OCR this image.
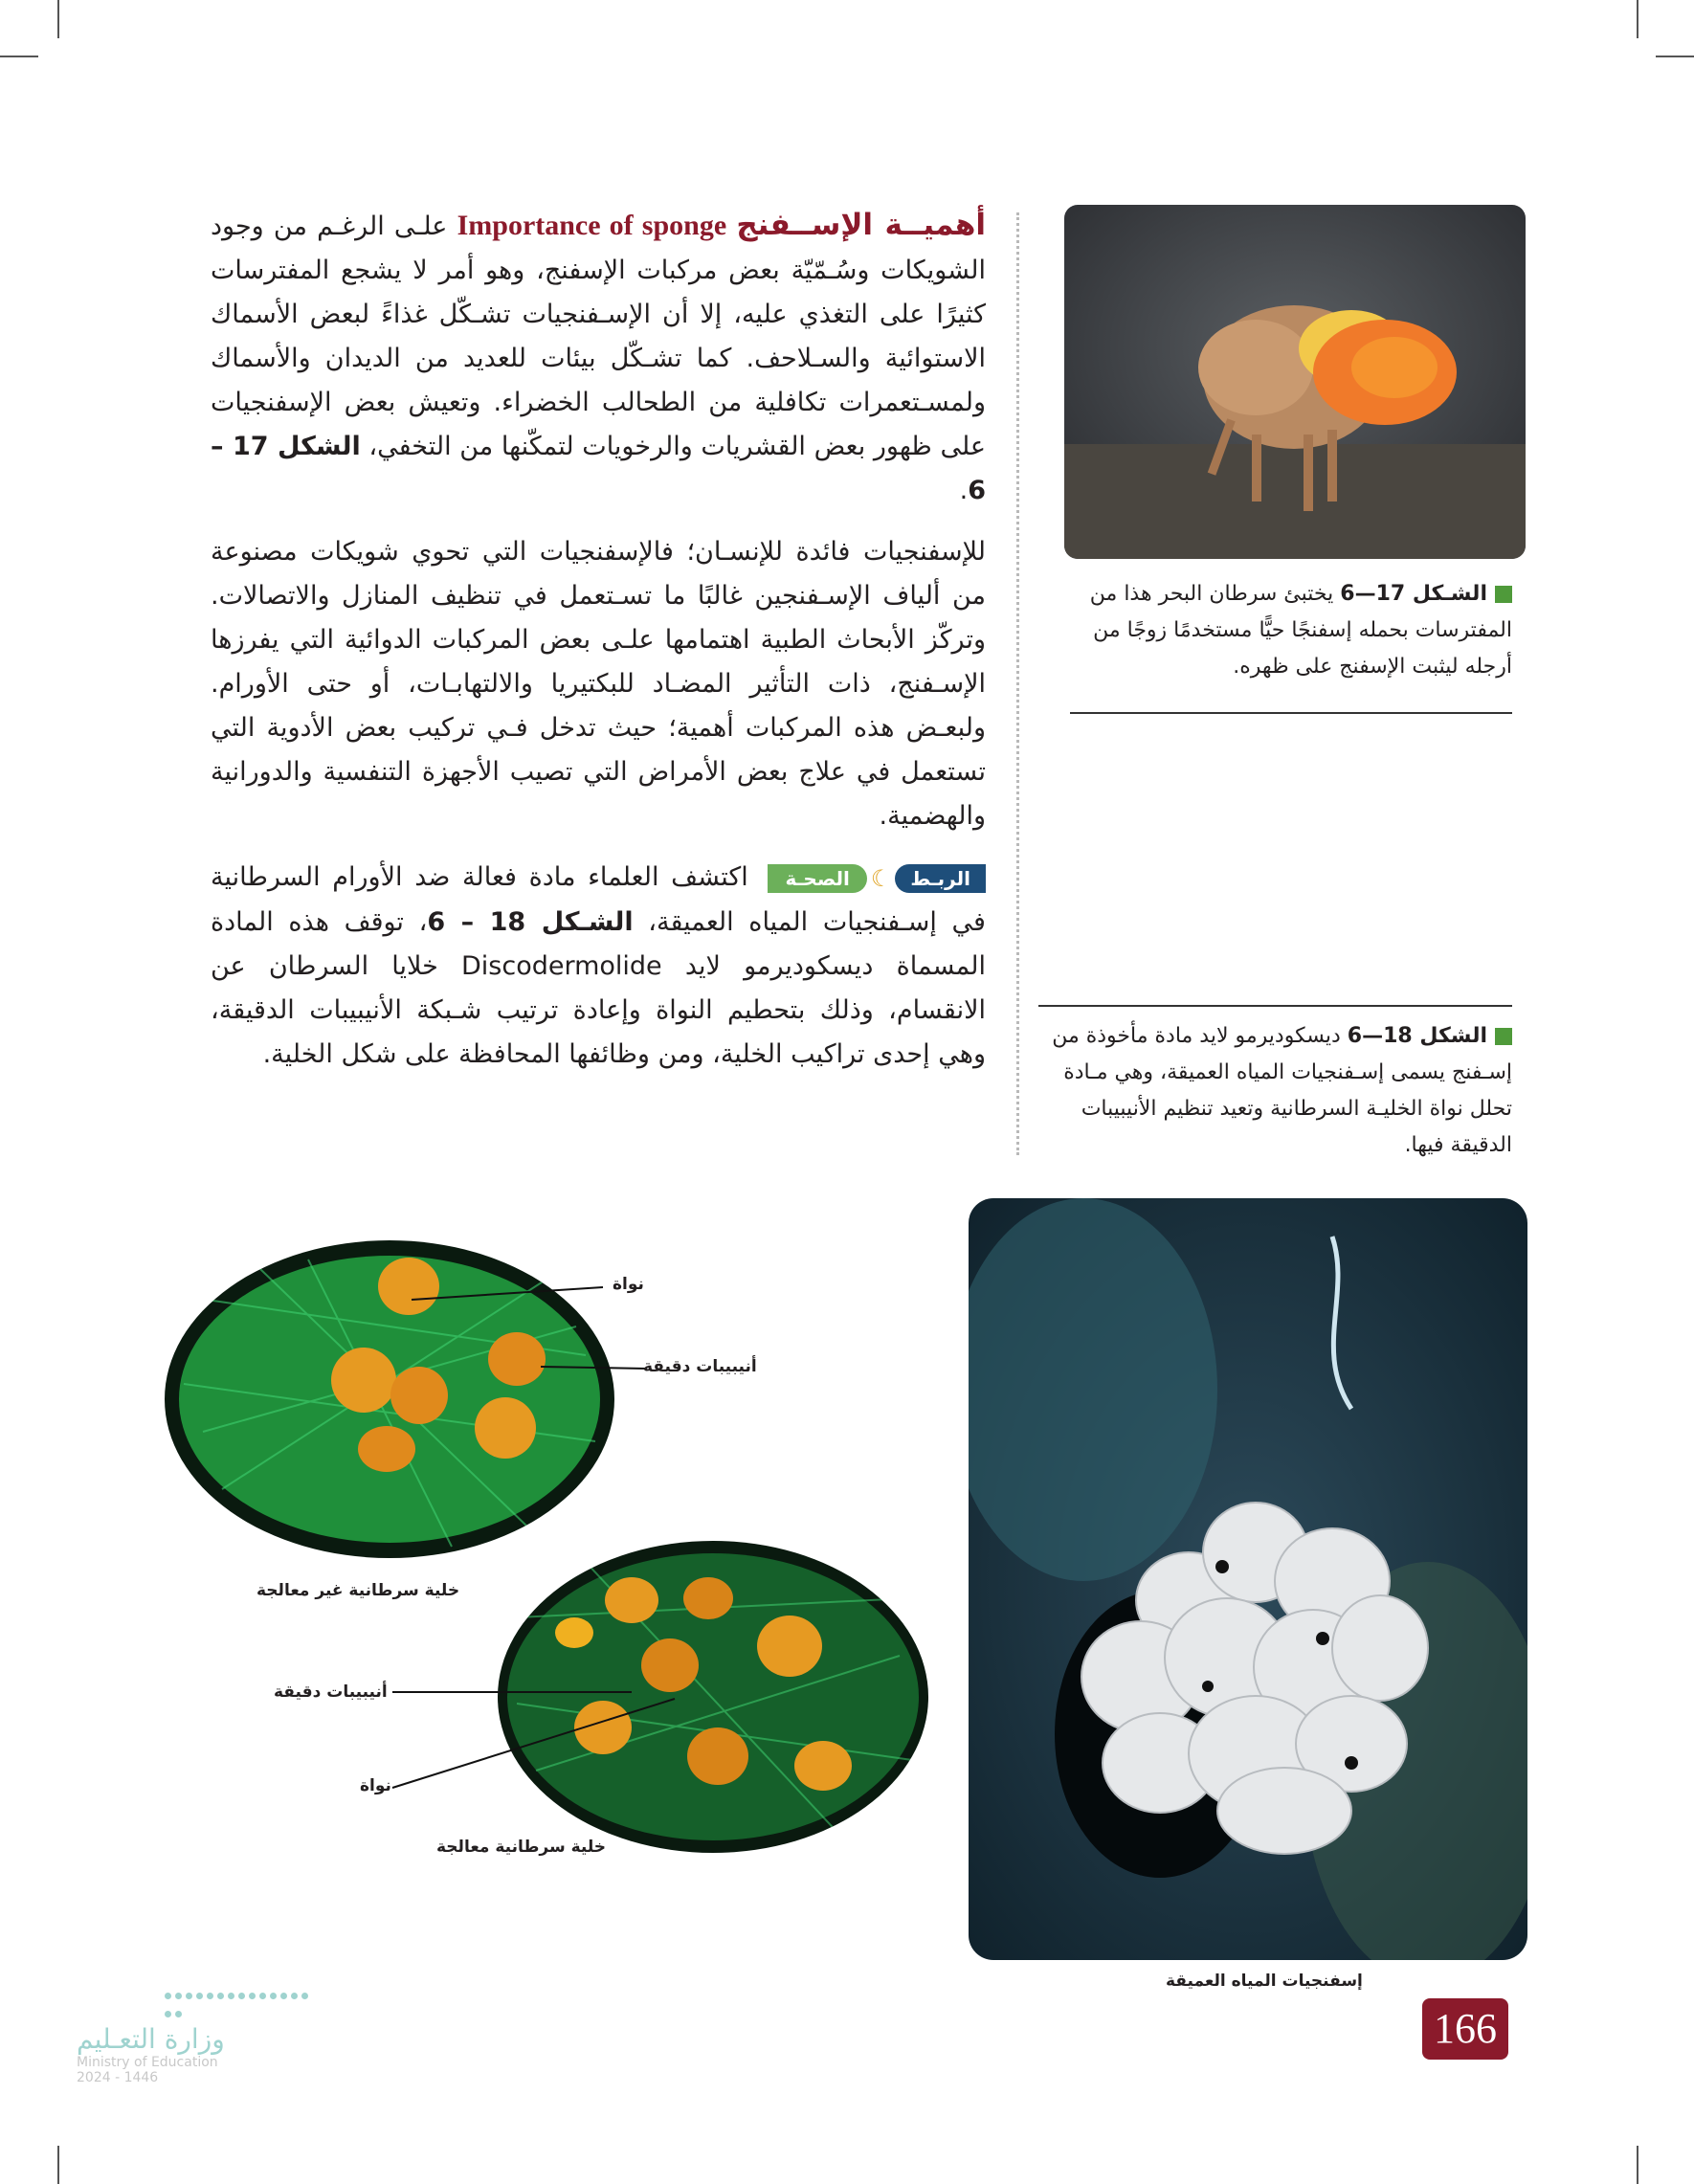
أهميــة الإســفنج Importance of sponge علـى الرغـم من وجود الشويكات وسُـمّيّة بعض مركبات الإسفنج، وهو أمر لا يشجع المفترسات كثيرًا على التغذي عليه، إلا أن الإسـفنجيات تشـكّل غذاءً لبعض الأسماك الاستوائية والسـلاحف. كما تشـكّل بيئات للعديد من الديدان والأسماك ولمسـتعمرات تكافلية من الطحالب الخضراء. وتعيش بعض الإسفنجيات على ظهور بعض القشريات والرخويات لتمكّنها من التخفي، الشكل 17 – 6.

للإسفنجيات فائدة للإنسـان؛ فالإسفنجيات التي تحوي شويكات مصنوعة من ألياف الإسـفنجين غالبًا ما تسـتعمل في تنظيف المنازل والاتصالات. وتركّز الأبحاث الطبية اهتمامها علـى بعض المركبات الدوائية التي يفرزها الإسـفنج، ذات التأثير المضـاد للبكتيريا والالتهابـات، أو حتى الأورام. ولبعـض هذه المركبات أهمية؛ حيث تدخل فـي تركيب بعض الأدوية التي تستعمل في علاج بعض الأمراض التي تصيب الأجهزة التنفسية والدورانية والهضمية.

الربـط
☾
الصحـة
اكتشف العلماء مادة فعالة ضد الأورام السرطانية في إسـفنجيات المياه العميقة، الشـكل 18 – 6، توقف هذه المادة المسماة ديسكوديرمو لايد Discodermolide خلايا السرطان عن الانقسام، وذلك بتحطيم النواة وإعادة ترتيب شـبكة الأنيبيبات الدقيقة، وهي إحدى تراكيب الخلية، ومن وظائفها المحافظة على شكل الخلية.

الشـكل 17—6 يختبئ سرطان البحر هذا من المفترسات بحمله إسفنجًا حيًّا مستخدمًا زوجًا من أرجله ليثبت الإسفنج على ظهره.
الشكل 18—6 ديسكوديرمو لايد مادة مأخوذة من إسـفنج يسمى إسـفنجيات المياه العميقة، وهي مـادة تحلل نواة الخليـة السرطانية وتعيد تنظيم الأنيبيبات الدقيقة فيها.
نواة
أنيبيبات دقيقة
خلية سرطانية غير معالجة
أنيبيبات دقيقة
نواة
خلية سرطانية معالجة
إسفنجيات المياه العميقة
166
وزارة التعـليم
Ministry of Education
2024 - 1446
